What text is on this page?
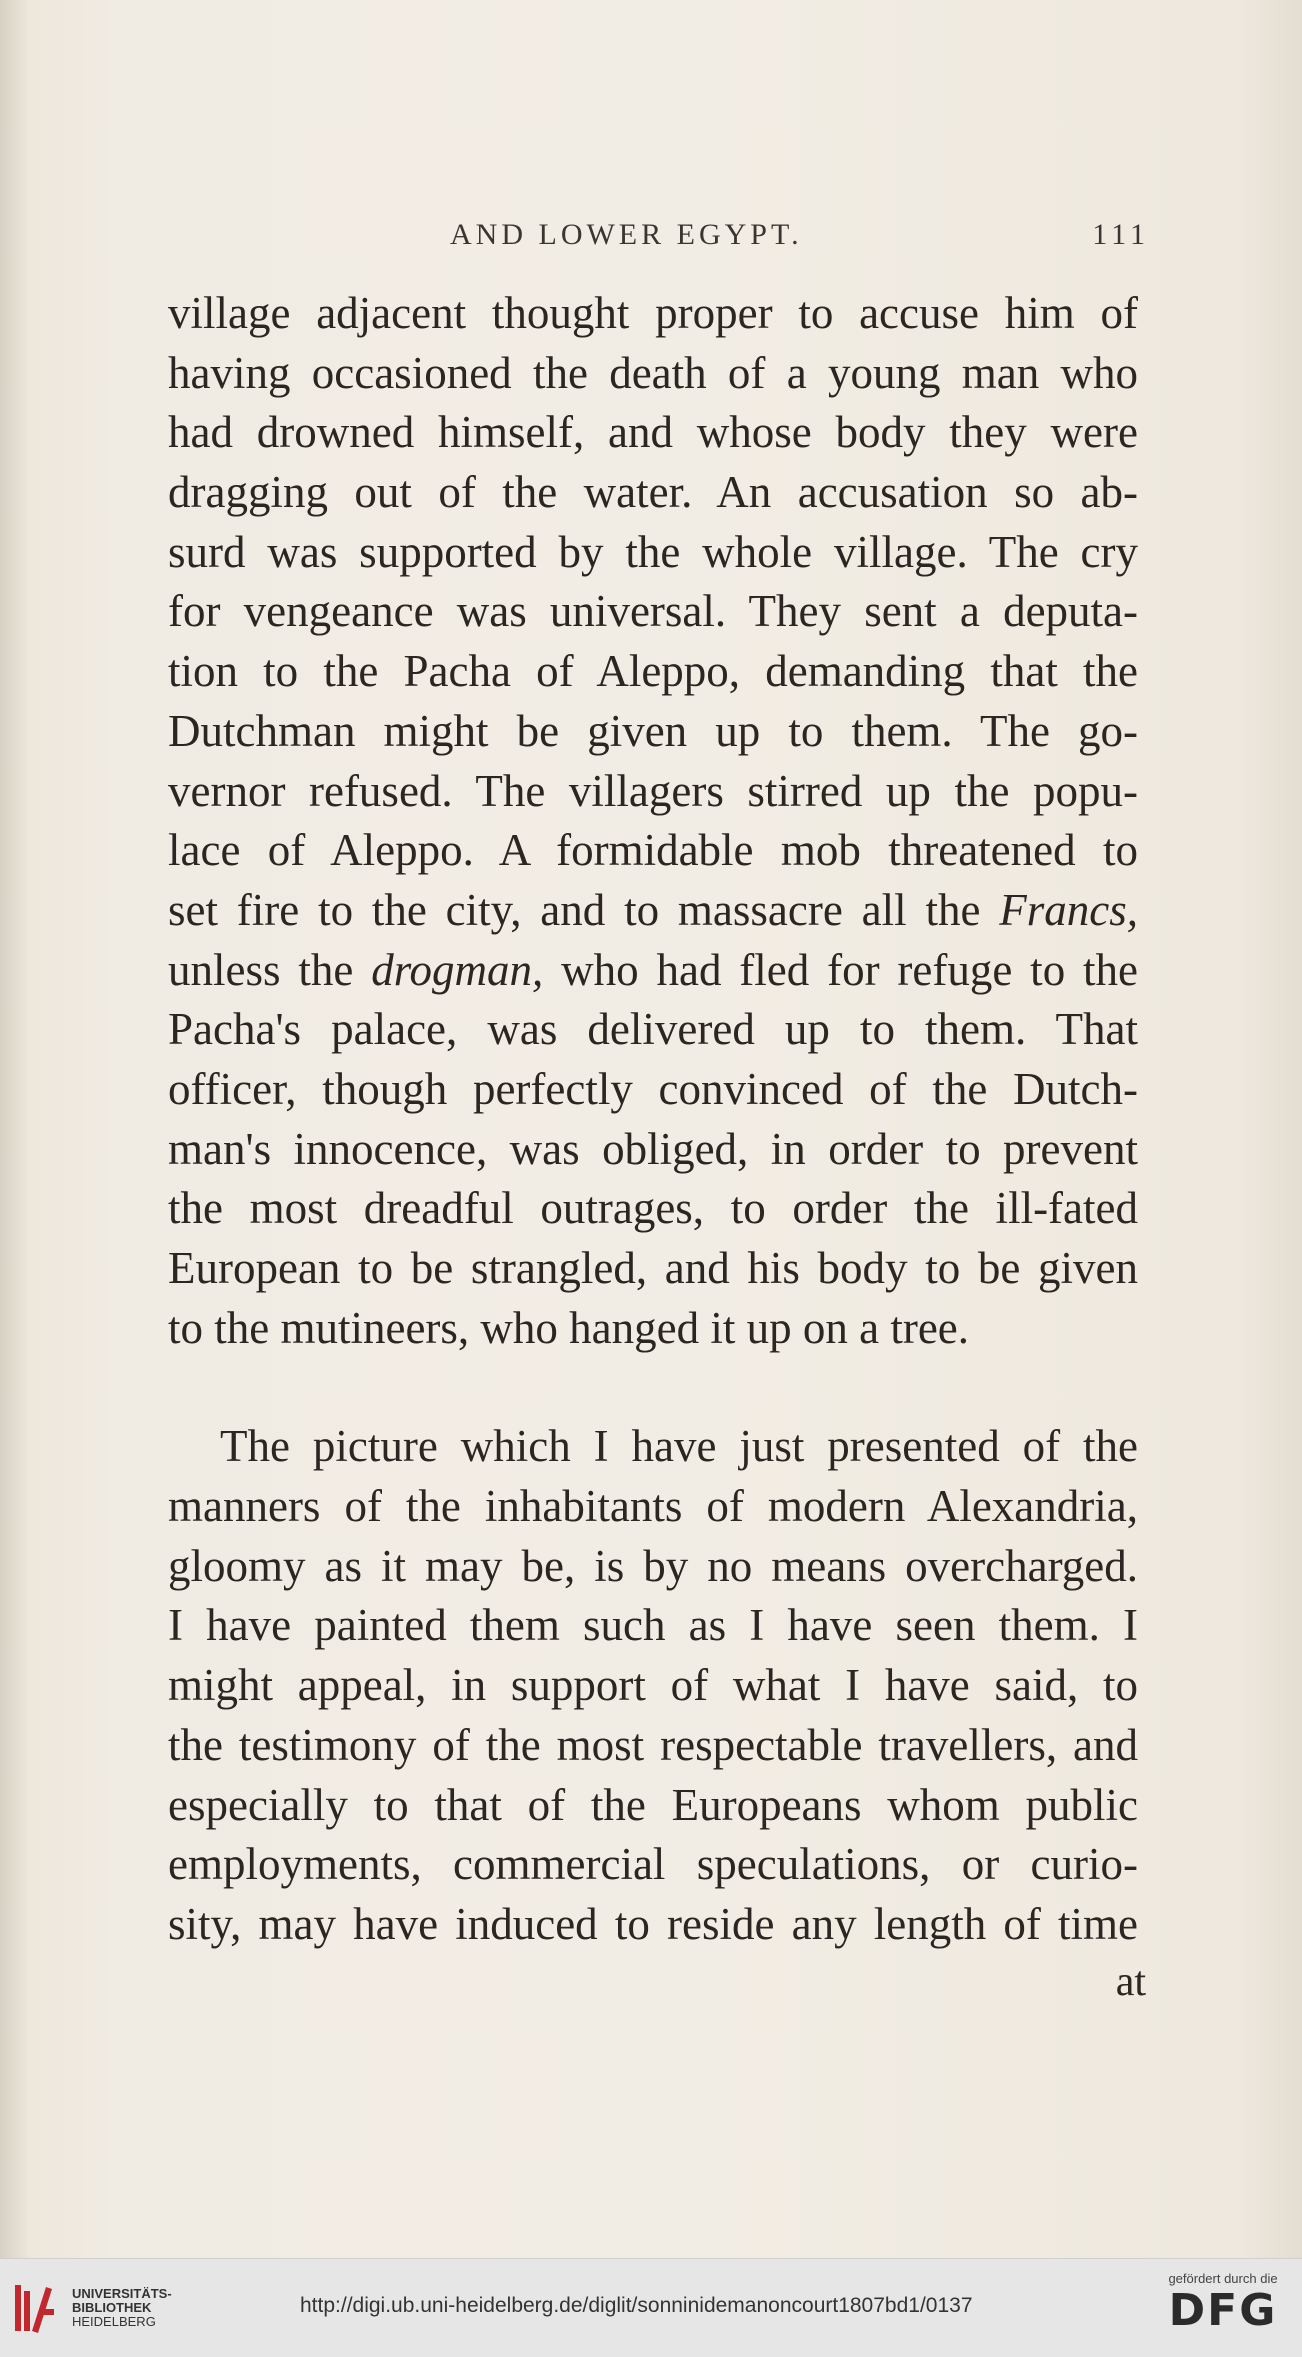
AND LOWER EGYPT.	111
village adjacent thought proper to accuse him of
having occasioned the death of a young man who
had drowned himself, and whose body they were
dragging out of the water. An accusation so ab-
surd was supported by the whole village. The cry
for vengeance was universal. They sent a deputa-
tion to the Pacha of Aleppo, demanding that the
Dutchman might be given up to them. The go-
vernor refused. The villagers stirred up the popu-
lace of Aleppo. A formidable mob threatened to
set fire to the city, and to massacre all the Francs,
unless the drogman, who had fled for refuge to the
Pacha's palace, was delivered up to them. That
officer, though perfectly convinced of the Dutch-
man's innocence, was obliged, in order to prevent
the most dreadful outrages, to order the ill-fated
European to be strangled, and his body to be given
to the mutineers, who hanged it up on a tree.
The picture which I have just presented of the
manners of the inhabitants of modern Alexandria,
gloomy as it may be, is by no means overcharged.
I have painted them such as I have seen them. I
might appeal, in support of what I have said, to
the testimony of the most respectable travellers, and
especially to that of the Europeans whom public
employments, commercial speculations, or curio-
sity, may have induced to reside any length of time
at
UNIVERSITÄTS-
BIBLIOTHEK
HEIDELBERG
http://digi.ub.uni-heidelberg.de/diglit/sonninidemanoncourt1807bd1/0137
gefördert durch die
DFG
